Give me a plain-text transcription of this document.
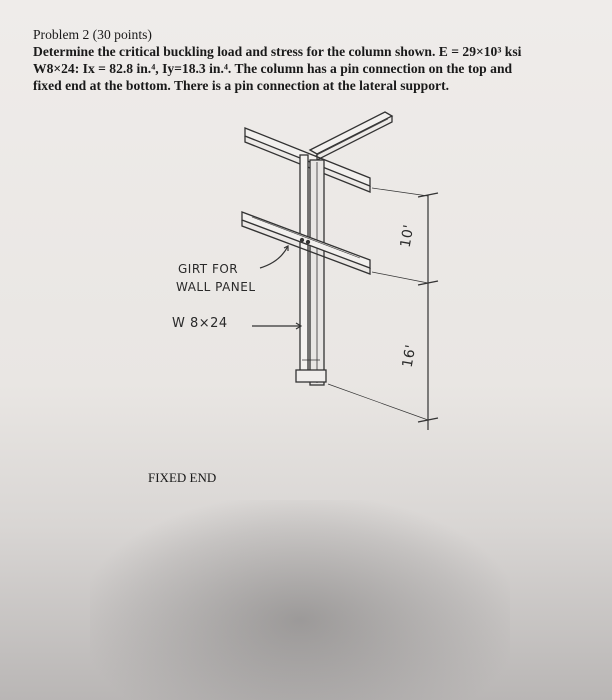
Problem 2 (30 points)

Determine the critical buckling load and stress for the column shown. E = 29×10³ ksi

W8×24: Ix = 82.8 in.⁴, Iy=18.3 in.⁴. The column has a pin connection on the top and

fixed end at the bottom. There is a pin connection at the lateral support.

GIRT FOR
WALL PANEL
W 8×24
10'
16'
FIXED END
